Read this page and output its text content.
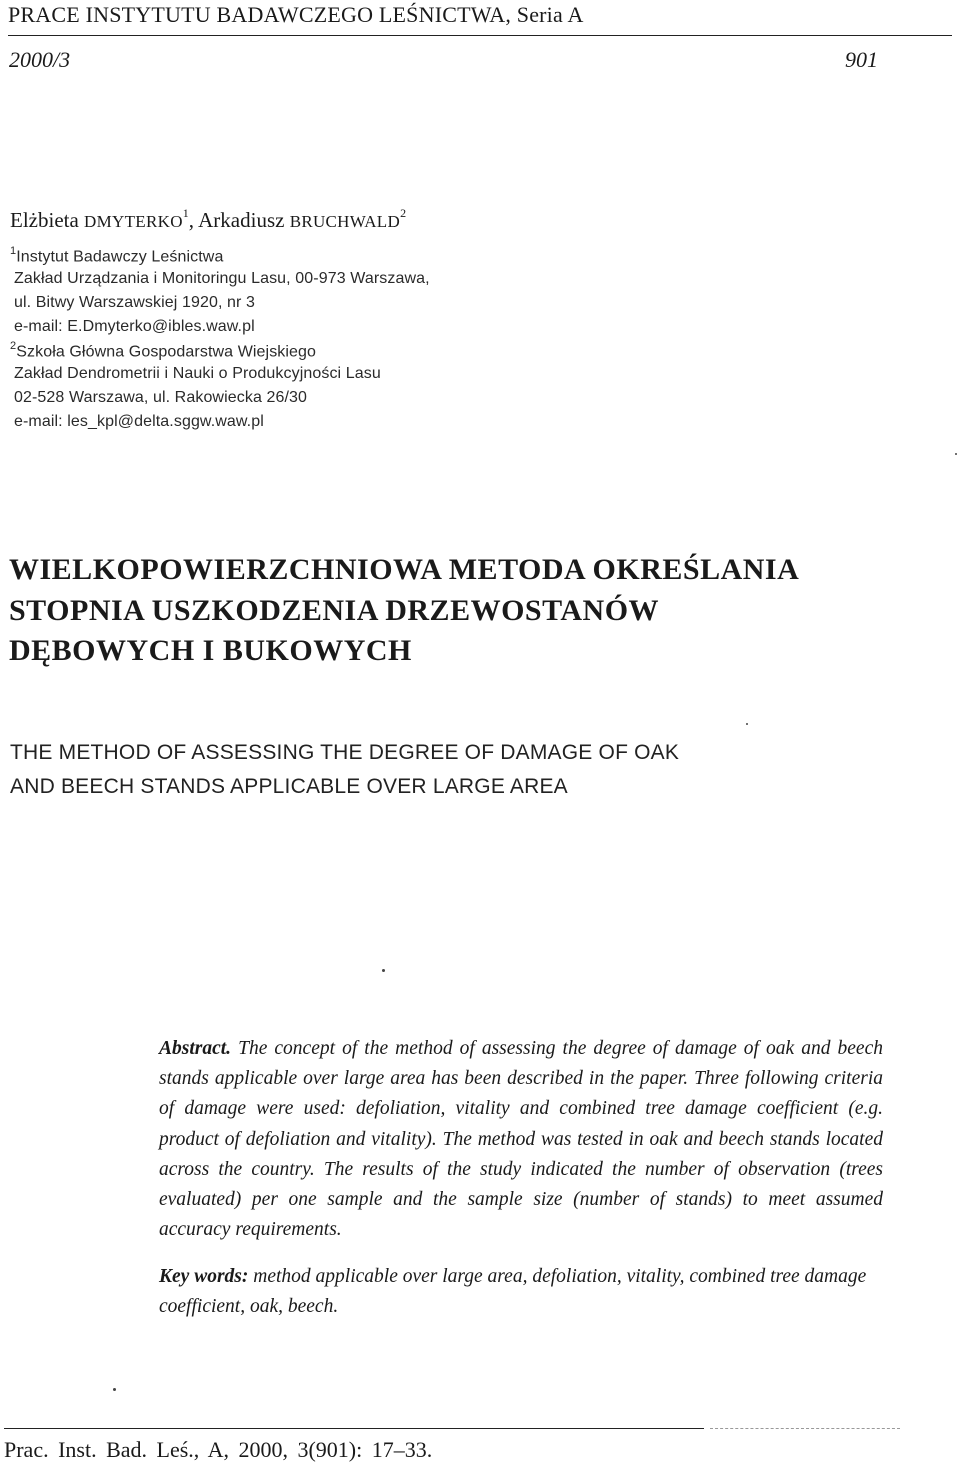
PRACE INSTYTUTU BADAWCZEGO LEŚNICTWA, Seria A
2000/3	901
Elżbieta DMYTERKO$^1$, Arkadiusz BRUCHWALD$^2$
$^1$Instytut Badawczy Leśnictwa
Zakład Urządzania i Monitoringu Lasu, 00-973 Warszawa,
ul. Bitwy Warszawskiej 1920, nr 3
e-mail: E.Dmyterko@ibles.waw.pl
$^2$Szkoła Główna Gospodarstwa Wiejskiego
Zakład Dendrometrii i Nauki o Produkcyjności Lasu
02-528 Warszawa, ul. Rakowiecka 26/30
e-mail: les_kpl@delta.sggw.waw.pl
WIELKOPOWIERZCHNIOWA METODA OKREŚLANIA
STOPNIA USZKODZENIA DRZEWOSTANÓW
DĘBOWYCH I BUKOWYCH
THE METHOD OF ASSESSING THE DEGREE OF DAMAGE OF OAK
AND BEECH STANDS APPLICABLE OVER LARGE AREA
Abstract. The concept of the method of assessing the degree of damage of oak and beech stands applicable over large area has been described in the paper. Three following criteria of damage were used: defoliation, vitality and combined tree damage coefficient (e.g. product of defoliation and vitality). The method was tested in oak and beech stands located across the country. The results of the study indicated the number of observation (trees evaluated) per one sample and the sample size (number of stands) to meet assumed accuracy requirements.
Key words: method applicable over large area, defoliation, vitality, combined tree damage coefficient, oak, beech.
Prac. Inst. Bad. Leś., A, 2000, 3(901): 17–33.
